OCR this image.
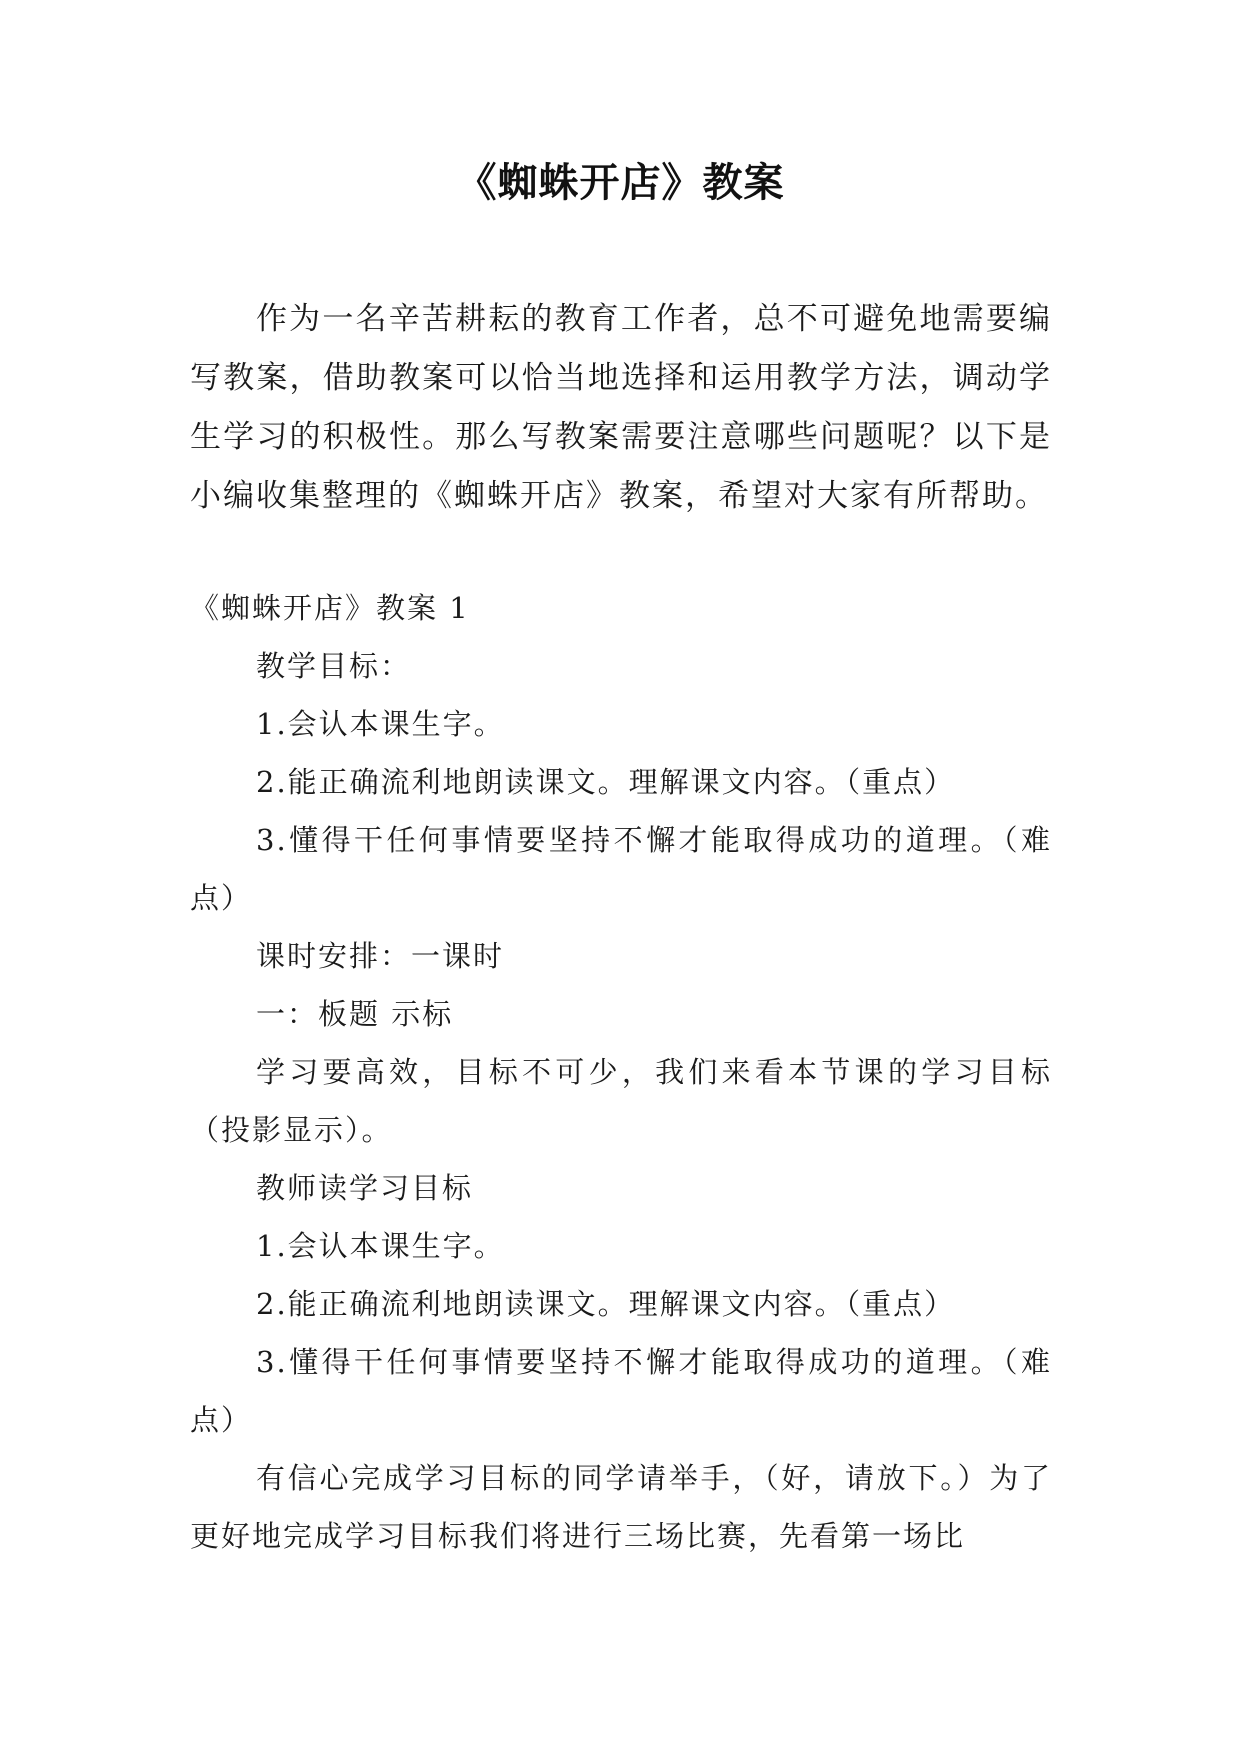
《蜘蛛开店》教案

作为一名辛苦耕耘的教育工作者，总不可避免地需要编写教案，借助教案可以恰当地选择和运用教学方法，调动学生学习的积极性。那么写教案需要注意哪些问题呢？以下是小编收集整理的《蜘蛛开店》教案，希望对大家有所帮助。

《蜘蛛开店》教案 1

教学目标：

1.会认本课生字。

2.能正确流利地朗读课文。理解课文内容。（重点）

3.懂得干任何事情要坚持不懈才能取得成功的道理。（难点）

课时安排：一课时

一：板题 示标

学习要高效，目标不可少，我们来看本节课的学习目标（投影显示）。

教师读学习目标

1.会认本课生字。

2.能正确流利地朗读课文。理解课文内容。（重点）

3.懂得干任何事情要坚持不懈才能取得成功的道理。（难点）

有信心完成学习目标的同学请举手，（好，请放下。）为了更好地完成学习目标我们将进行三场比赛，先看第一场比
